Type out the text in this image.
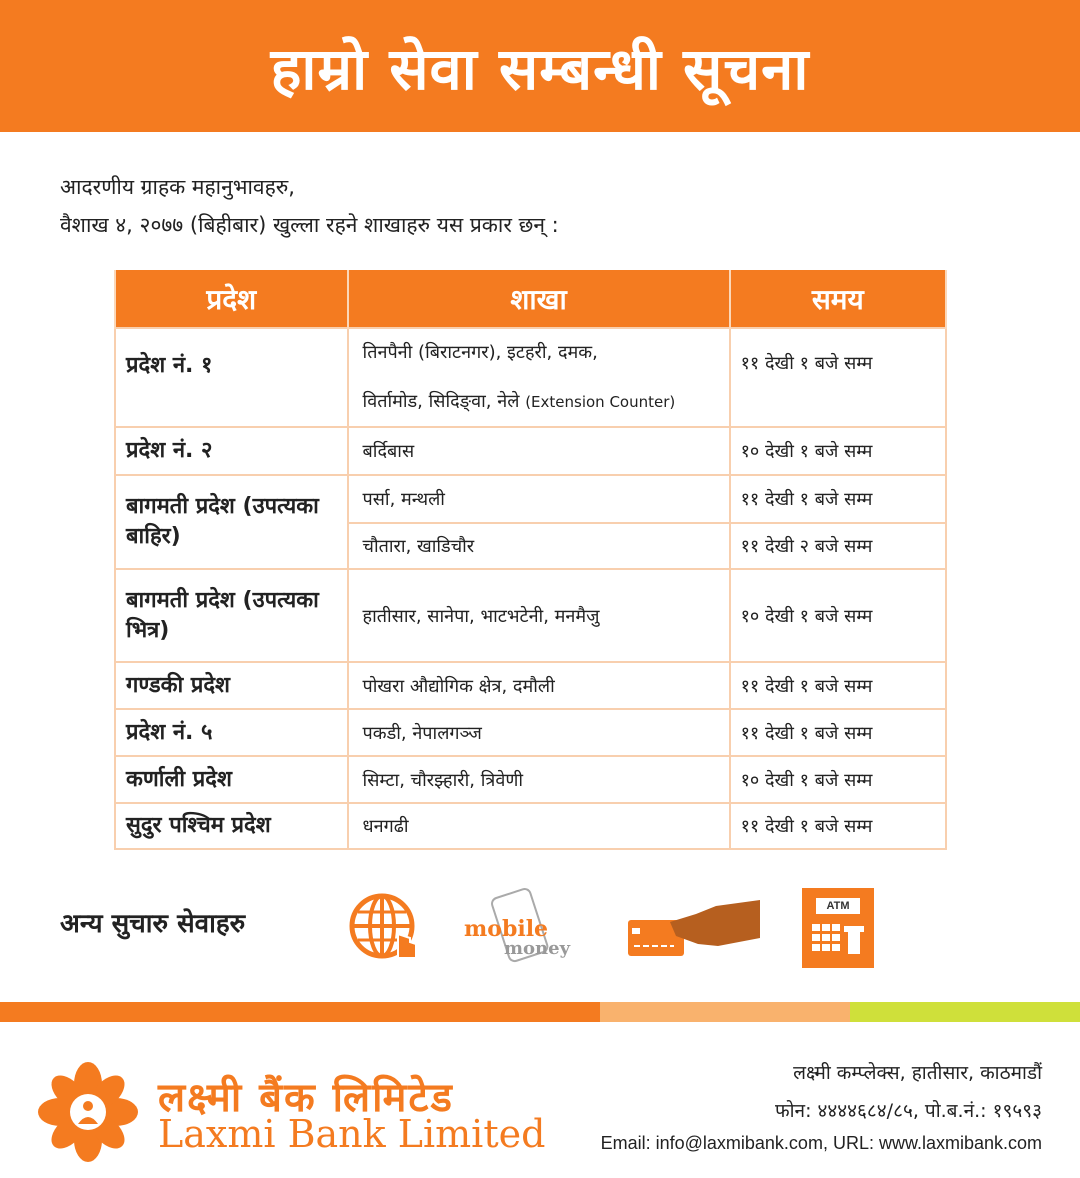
हाम्रो सेवा सम्बन्धी सूचना
आदरणीय ग्राहक महानुभावहरु,
वैशाख ४, २०७७ (बिहीबार) खुल्ला रहने शाखाहरु यस प्रकार छन् :
प्रदेश	शाखा	समय
प्रदेश नं. १	तिनपैनी (बिराटनगर), इटहरी, दमक,	११ देखी १ बजे सम्म
	विर्तामोड, सिदिङ्वा, नेले (Extension Counter)	
प्रदेश नं. २	बर्दिबास	१० देखी १ बजे सम्म
बागमती प्रदेश (उपत्यका बाहिर)	पर्सा, मन्थली	११ देखी १ बजे सम्म
	चौतारा, खाडिचौर	११ देखी २ बजे सम्म
बागमती प्रदेश (उपत्यका भित्र)	हातीसार, सानेपा, भाटभटेनी, मनमैजु	१० देखी १ बजे सम्म
गण्डकी प्रदेश	पोखरा औद्योगिक क्षेत्र, दमौली	११ देखी १ बजे सम्म
प्रदेश नं. ५	पकडी, नेपालगञ्ज	११ देखी १ बजे सम्म
कर्णाली प्रदेश	सिम्टा, चौरझ्हारी, त्रिवेणी	१० देखी १ बजे सम्म
सुदुर पश्चिम प्रदेश	धनगढी	११ देखी १ बजे सम्म
अन्य सुचारु सेवाहरु	mobile
money
ATM
लक्ष्मी बैंक लिमिटेड
Laxmi Bank Limited
लक्ष्मी कम्प्लेक्स, हातीसार, काठमाडौं
फोन: ४४४४६८४/८५, पो.ब.नं.: १९५९३
Email: info@laxmibank.com, URL: www.laxmibank.com
